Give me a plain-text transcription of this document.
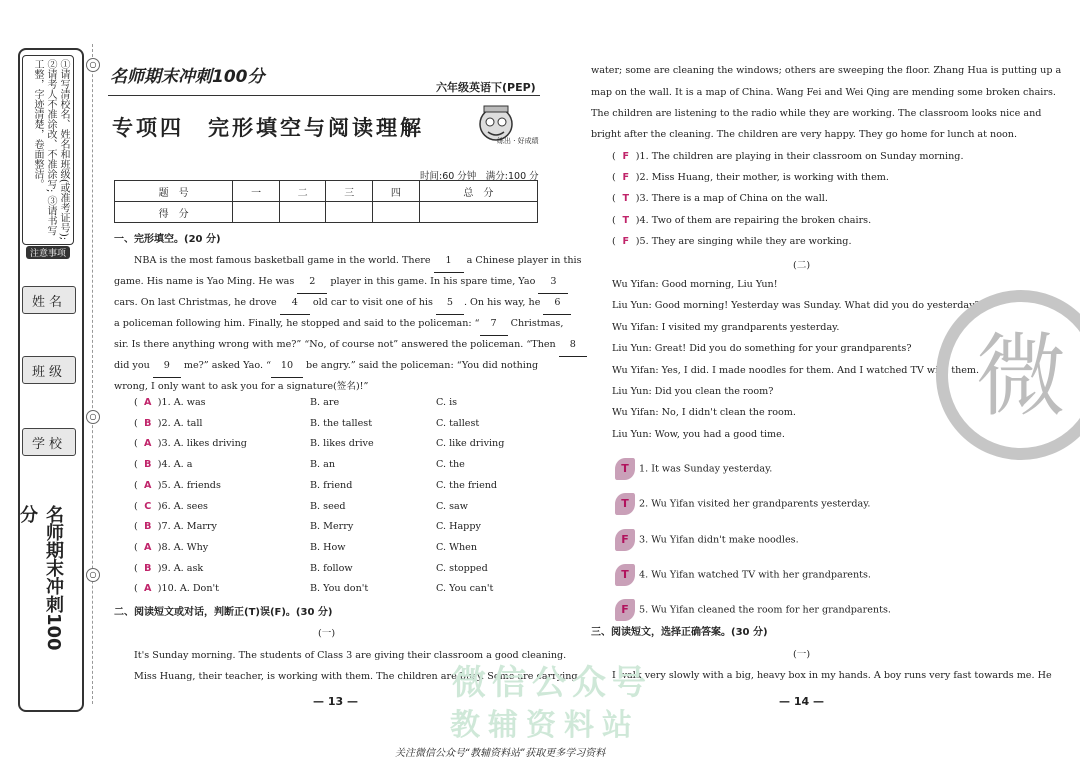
①请写清校名、姓名和班级(或准考证号); ②请考人不准涂改、不准涂写; ③请书写工整，字迹清楚，卷面整洁。
注意事项
姓名
班级
学校
名师期末冲刺100分
○
○
○
名师期末冲刺100分
六年级英语下(PEP)
专项四　完形填空与阅读理解
练出 · 好成绩
时间:60 分钟　满分:100 分
题　号	一	二	三	四	总　分
得　分					
一、完形填空。(20 分)
NBA is the most famous basketball game in the world. There 1 a Chinese player in this
game. His name is Yao Ming. He was 2 player in this game. In his spare time, Yao 3
cars. On last Christmas, he drove 4 old car to visit one of his 5 . On his way, he 6
a policeman following him. Finally, he stopped and said to the policeman: “ 7 Christmas,
sir. Is there anything wrong with me?” “No, of course not” answered the policeman. “Then 8
did you 9 me?” asked Yao. “ 10 be angry.” said the policeman: “You did nothing
wrong, I only want to ask you for a signature(签名)!”
( A )1. A. was	B. are	C. is
( B )2. A. tall	B. the tallest	C. tallest
( A )3. A. likes driving	B. likes drive	C. like driving
( B )4. A. a	B. an	C. the
( A )5. A. friends	B. friend	C. the friend
( C )6. A. sees	B. seed	C. saw
( B )7. A. Marry	B. Merry	C. Happy
( A )8. A. Why	B. How	C. When
( B )9. A. ask	B. follow	C. stopped
( A )10. A. Don't	B. You don't	C. You can't
二、阅读短文或对话，判断正(T)误(F)。(30 分)
(一)
It's Sunday morning. The students of Class 3 are giving their classroom a good cleaning.
Miss Huang, their teacher, is working with them. The children are busy. Some are carrying
— 13 —
water; some are cleaning the windows; others are sweeping the floor. Zhang Hua is putting up a
map on the wall. It is a map of China. Wang Fei and Wei Qing are mending some broken chairs.
The children are listening to the radio while they are working. The classroom looks nice and
bright after the cleaning. The children are very happy. They go home for lunch at noon.
( F )1. The children are playing in their classroom on Sunday morning.
( F )2. Miss Huang, their mother, is working with them.
( T )3. There is a map of China on the wall.
( T )4. Two of them are repairing the broken chairs.
( F )5. They are singing while they are working.
(二)
Wu Yifan: Good morning, Liu Yun!
Liu Yun: Good morning! Yesterday was Sunday. What did you do yesterday?
Wu Yifan: I visited my grandparents yesterday.
Liu Yun: Great! Did you do something for your grandparents?
Wu Yifan: Yes, I did. I made noodles for them. And I watched TV with them.
Liu Yun: Did you clean the room?
Wu Yifan: No, I didn't clean the room.
Liu Yun: Wow, you had a good time.
T 1. It was Sunday yesterday.
T 2. Wu Yifan visited her grandparents yesterday.
F 3. Wu Yifan didn't make noodles.
T 4. Wu Yifan watched TV with her grandparents.
F 5. Wu Yifan cleaned the room for her grandparents.
三、阅读短文，选择正确答案。(30 分)
(一)
I walk very slowly with a big, heavy box in my hands. A boy runs very fast towards me. He
— 14 —
微
微信公众号
教辅资料站
关注微信公众号“教辅资料站”获取更多学习资料
